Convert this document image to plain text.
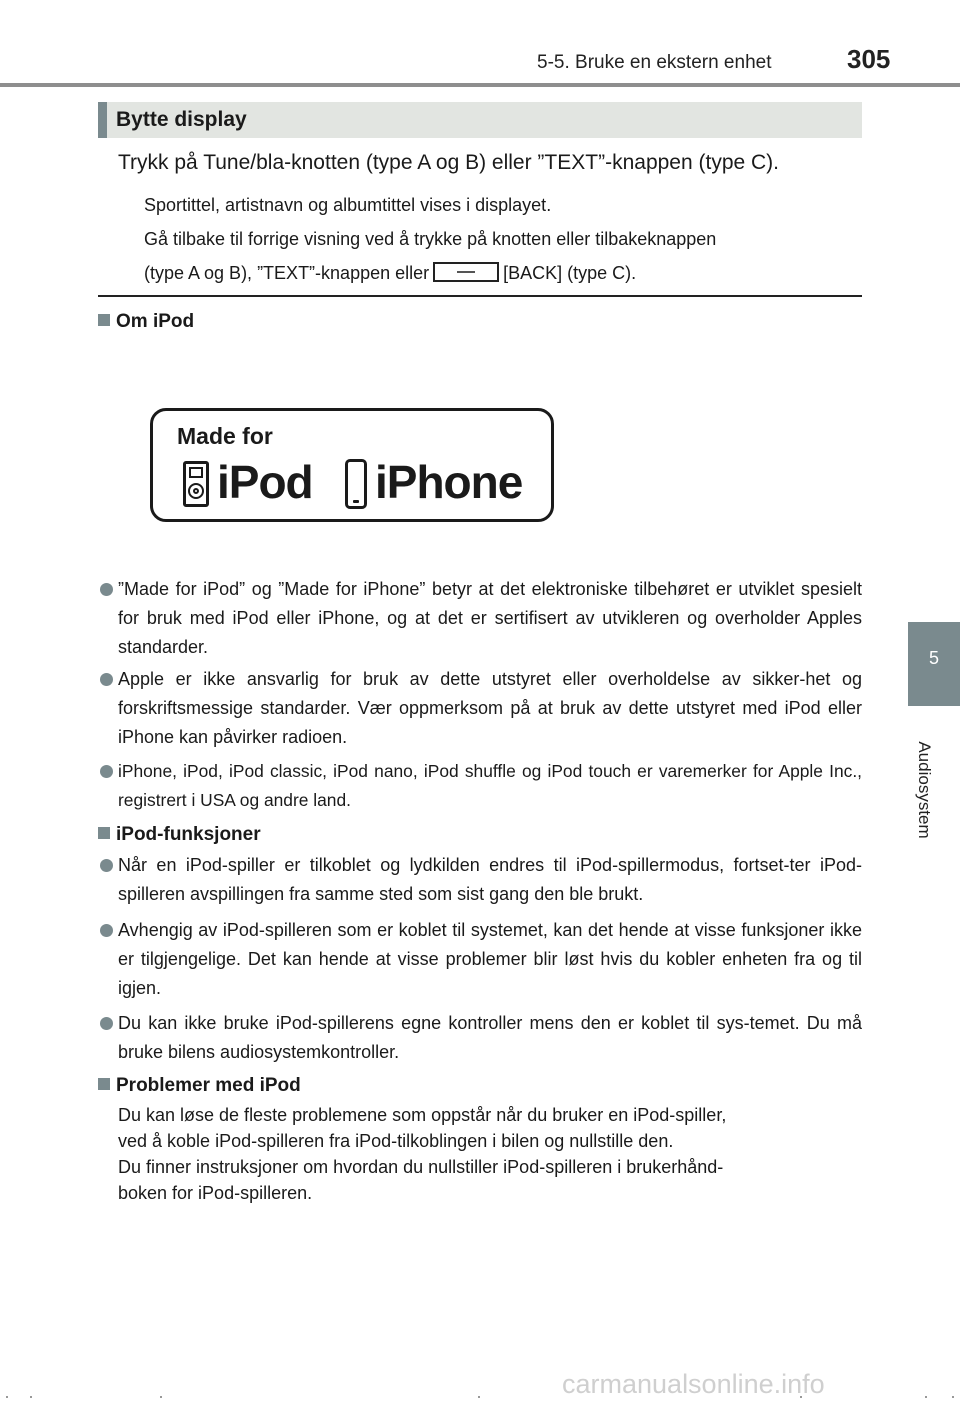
5-5. Bruke en ekstern enhet	305
5
Audiosystem
Bytte display
Trykk på Tune/bla-knotten (type A og B) eller ”TEXT”-knappen (type C).

Sportittel, artistnavn og albumtittel vises i displayet.

Gå tilbake til forrige visning ved å trykke på knotten eller tilbakeknappen

(type A og B), ”TEXT”-knappen eller	[BACK] (type C).

Om iPod
Made for
iPod iPhone
”Made for iPod” og ”Made for iPhone” betyr at det elektroniske tilbehøret er utviklet spesielt for bruk med iPod eller iPhone, og at det er sertifisert av utvikleren og overholder Apples standarder.
Apple er ikke ansvarlig for bruk av dette utstyret eller overholdelse av sikker-het og forskriftsmessige standarder. Vær oppmerksom på at bruk av dette utstyret med iPod eller iPhone kan påvirker radioen.
iPhone, iPod, iPod classic, iPod nano, iPod shuffle og iPod touch er varemerker for Apple Inc., registrert i USA og andre land.
iPod-funksjoner
Når en iPod-spiller er tilkoblet og lydkilden endres til iPod-spillermodus, fortset-ter iPod-spilleren avspillingen fra samme sted som sist gang den ble brukt.
Avhengig av iPod-spilleren som er koblet til systemet, kan det hende at visse funksjoner ikke er tilgjengelige. Det kan hende at visse problemer blir løst hvis du kobler enheten fra og til igjen.
Du kan ikke bruke iPod-spillerens egne kontroller mens den er koblet til sys-temet. Du må bruke bilens audiosystemkontroller.
Problemer med iPod
Du kan løse de fleste problemene som oppstår når du bruker en iPod-spiller,
ved å koble iPod-spilleren fra iPod-tilkoblingen i bilen og nullstille den.
Du finner instruksjoner om hvordan du nullstiller iPod-spilleren i brukerhånd-
boken for iPod-spilleren.
carmanualsonline.info
